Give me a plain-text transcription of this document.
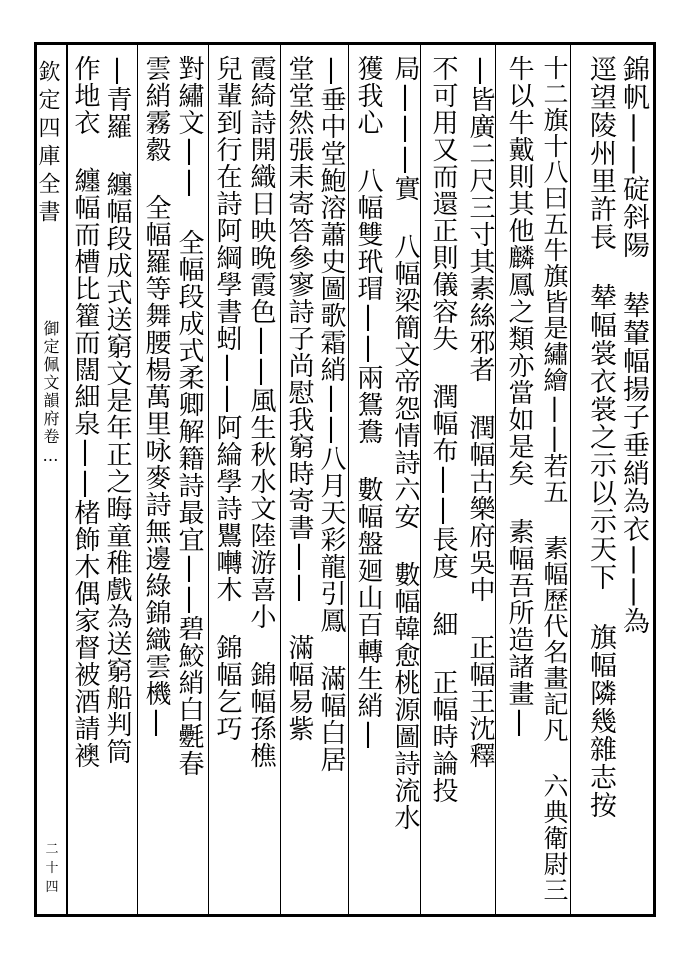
欽定四庫全書
御定佩文韻府卷…
二十四
錦帆||碇斜陽 辇輦幅揚子垂綃為衣||為
逕望陵州里許長 辇幅裳衣裳之示以示天下 旗幅隣幾雜志按
十二旗十八曰五牛旗皆是繡繪||若五 素幅歷代名畫記凡 六典衛尉三
牛以牛戴則其他麟鳳之類亦當如是矣 素幅吾所造諸畫|
|皆廣二尺三寸其素絲邪者 潤幅古樂府吳中 正幅王沈釋
不可用又而還正則儀容失 潤幅布||長度 細 正幅時論投
局|||實 八幅梁簡文帝怨情詩六安 數幅韓愈桃源圖詩流水
獲我心 八幅雙玳瑁||兩鴛鴦 數幅盤廻山百轉生綃|
|垂中堂鮑溶蕭史圖歌霜綃||八月天彩龍引鳳 滿幅白居
堂堂然張耒寄答參寥詩子尚慰我窮時寄書|| 滿幅易紫
霞綺詩開織日映晚霞色||風生秋水文陸游喜小 錦幅孫樵
兒輩到行在詩阿綱學書蚓||阿綸學詩鸎囀木 錦幅乞巧
對繡文|| 全幅段成式柔卿解籍詩最宜||碧鮫綃白氎春
雲綃霧縠 全幅羅等舞腰楊萬里咏麥詩無邊綠錦織雲機|
|青羅 纏幅段成式送窮文是年正之晦童稚戲為送窮船判筒
作地衣 纏幅而槽比籊而闊細泉||楮飾木偶家督被酒請襖
